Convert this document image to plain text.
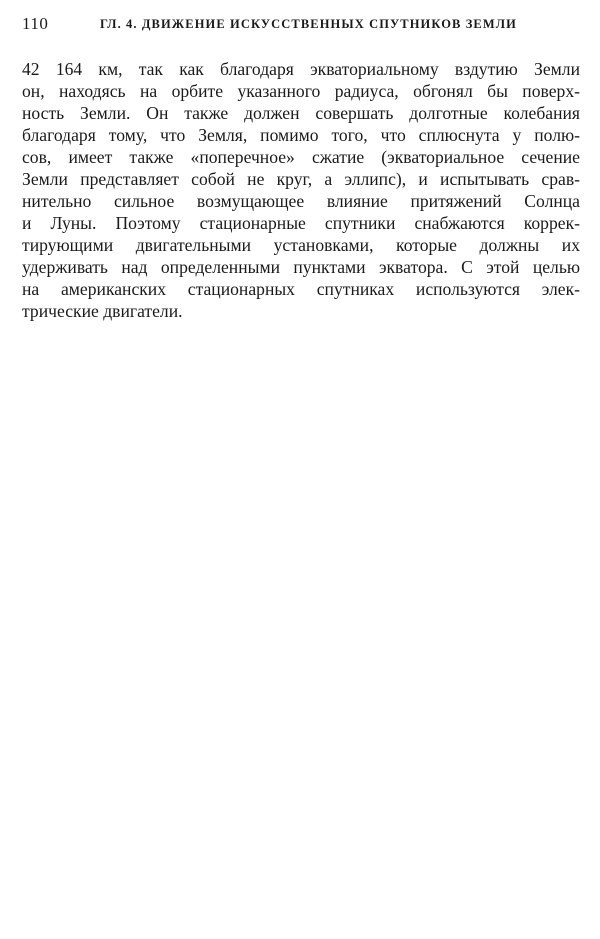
110	ГЛ. 4. ДВИЖЕНИЕ ИСКУССТВЕННЫХ СПУТНИКОВ ЗЕМЛИ
42 164 км, так как благодаря экваториальному вздутию Земли
он, находясь на орбите указанного радиуса, обгонял бы поверх-
ность Земли. Он также должен совершать долготные колебания
благодаря тому, что Земля, помимо того, что сплюснута у полю-
сов, имеет также «поперечное» сжатие (экваториальное сечение
Земли представляет собой не круг, а эллипс), и испытывать срав-
нительно сильное возмущающее влияние притяжений Солнца
и Луны. Поэтому стационарные спутники снабжаются коррек-
тирующими двигательными установками, которые должны их
удерживать над определенными пунктами экватора. С этой целью
на американских стационарных спутниках используются элек-
трические двигатели.
